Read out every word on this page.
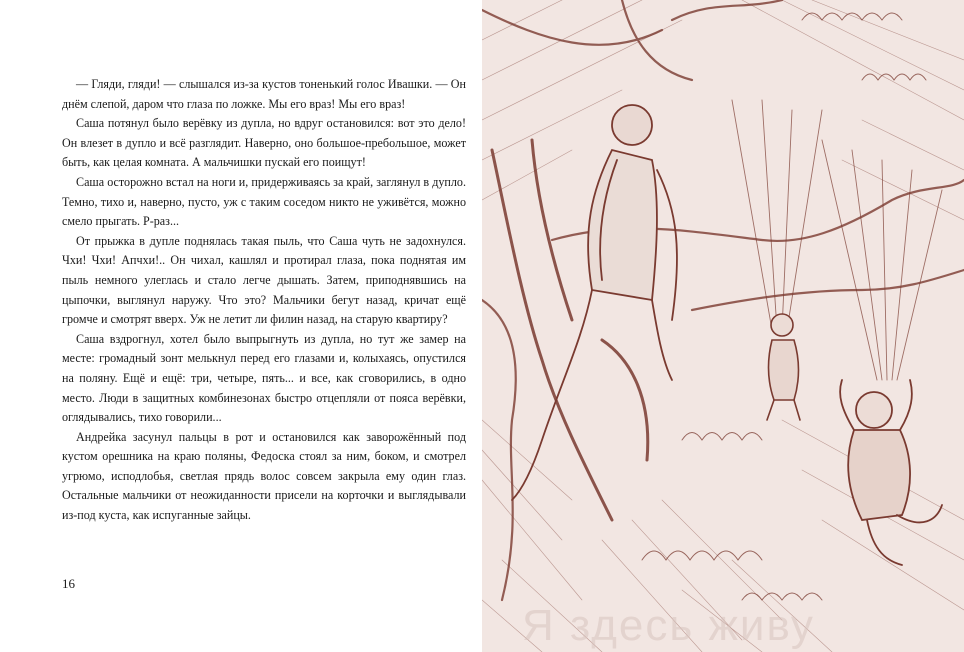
— Гляди, гляди! — слышался из-за кустов тоненький голос Ивашки. — Он днём слепой, даром что глаза по ложке. Мы его враз! Мы его враз!

Саша потянул было верёвку из дупла, но вдруг остановился: вот это дело! Он влезет в дупло и всё разглядит. Наверно, оно большое-пребольшое, может быть, как целая комната. А мальчишки пускай его поищут!

Саша осторожно встал на ноги и, придерживаясь за край, заглянул в дупло. Темно, тихо и, наверно, пусто, уж с таким соседом никто не уживётся, можно смело прыгать. Р-раз...

От прыжка в дупле поднялась такая пыль, что Саша чуть не задохнулся. Чхи! Чхи! Апчхи!.. Он чихал, кашлял и протирал глаза, пока поднятая им пыль немного улеглась и стало легче дышать. Затем, приподнявшись на цыпочки, выглянул наружу. Что это? Мальчики бегут назад, кричат ещё громче и смотрят вверх. Уж не летит ли филин назад, на старую квартиру?

Саша вздрогнул, хотел было выпрыгнуть из дупла, но тут же замер на месте: громадный зонт мелькнул перед его глазами и, колыхаясь, опустился на поляну. Ещё и ещё: три, четыре, пять... и все, как сговорились, в одно место. Люди в защитных комбинезонах быстро отцепляли от пояса верёвки, оглядывались, тихо говорили...

Андрейка засунул пальцы в рот и остановился как заворожённый под кустом орешника на краю поляны, Федоска стоял за ним, боком, и смотрел угрюмо, исподлобья, светлая прядь волос совсем закрыла ему один глаз. Остальные мальчики от неожиданности присели на корточки и выглядывали из-под куста, как испуганные зайцы.

16
Я здесь живу
